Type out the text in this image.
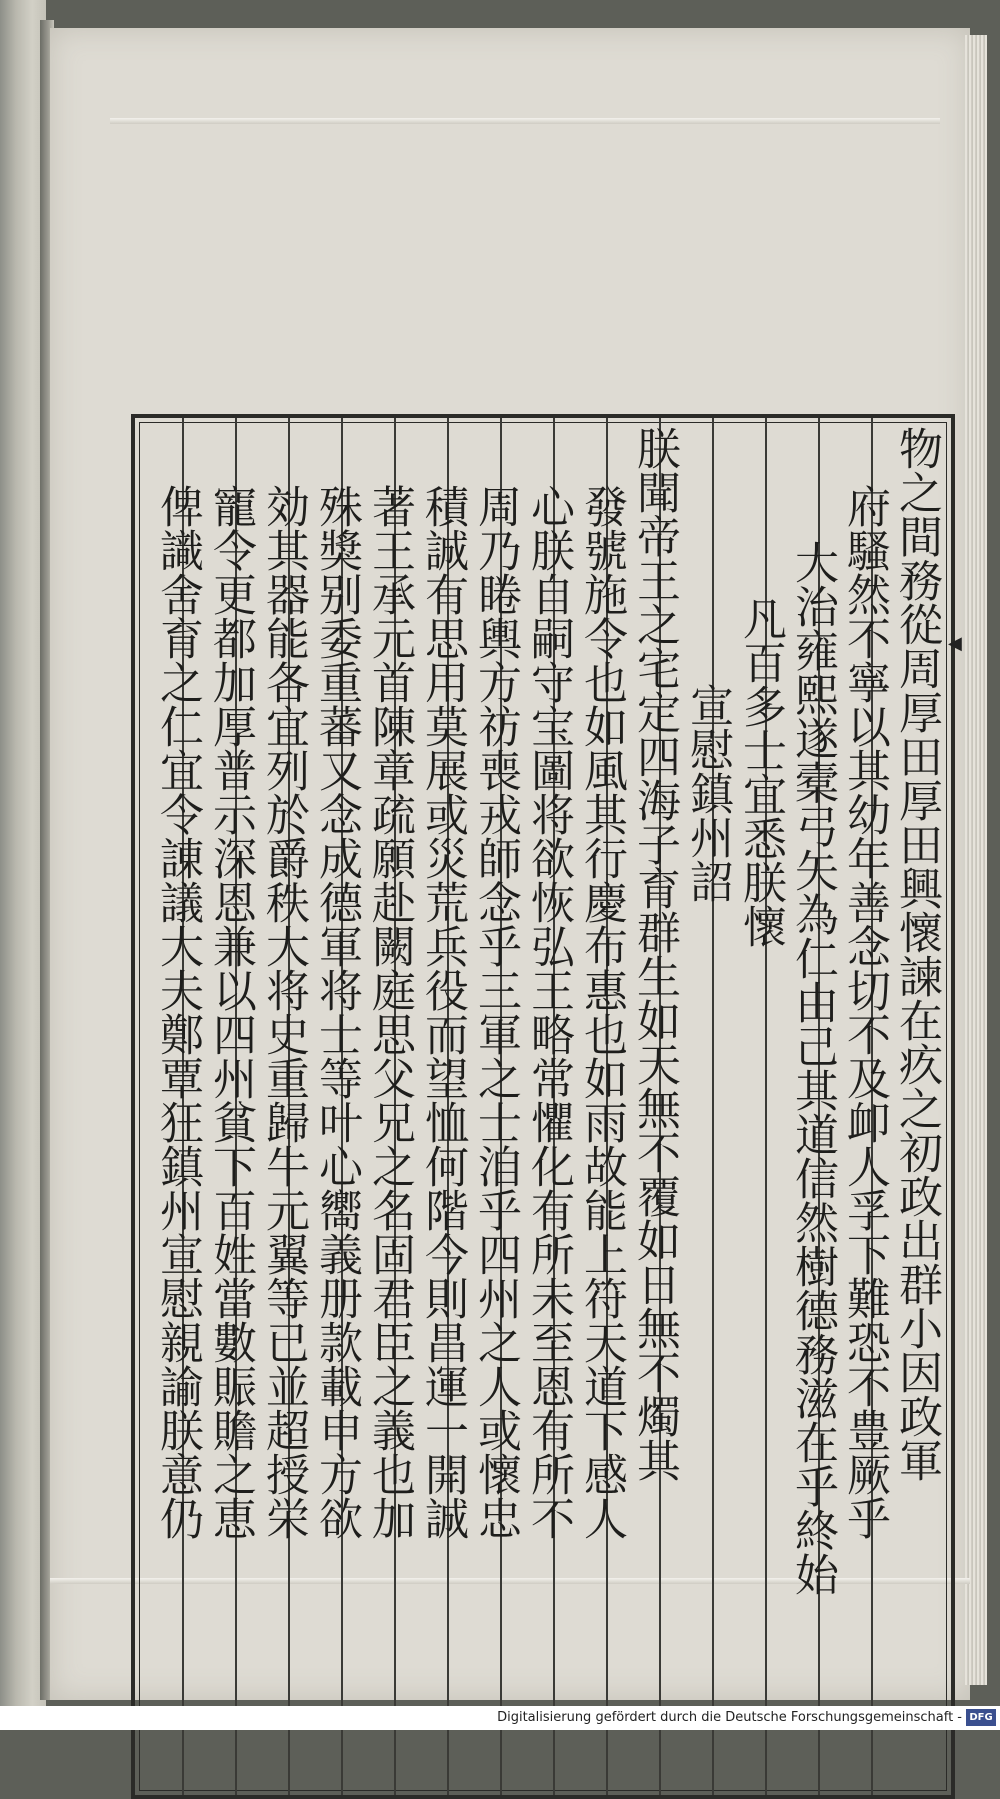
物之間務從周厚田厚田興懷諫在疚之初政出群小因政軍
府騷然不寧以其幼年善念切不及卹人孚下難恐不豊厥乎
大治雍熙遂槖弓矢為仁由己其道信然樹德務滋在乎終始
凡百多士宜悉朕懷
宣慰鎮州詔
朕聞帝王之宅定四海子育群生如天無不覆如日無不燭其
發號施令也如風其行慶布惠也如雨故能上符天道下感人
心朕自嗣守宝圖将欲恢弘王略常懼化有所未至恩有所不
周乃睠輿方祊喪戎師念乎三軍之士洎乎四州之人或懷忠
積誠有思用莫展或災荒兵役而望恤何階今則昌運一開誠
著王承元首陳章疏願赴闕庭思父兄之名固君臣之義也加
殊獎别委重蕃又念成德軍将士等叶心嚮義册款載申方欲
効其器能各宜列於爵秩大将史重歸牛元翼等已並超授栄
寵令更都加厚普示深恩兼以四州貧下百姓當數賑贍之恵
俾識舍育之仁宜令諌議大夫鄭覃狂鎮州宣慰親諭朕意仍	◀
Digitalisierung gefördert durch die Deutsche Forschungsgemeinschaft - DFG
